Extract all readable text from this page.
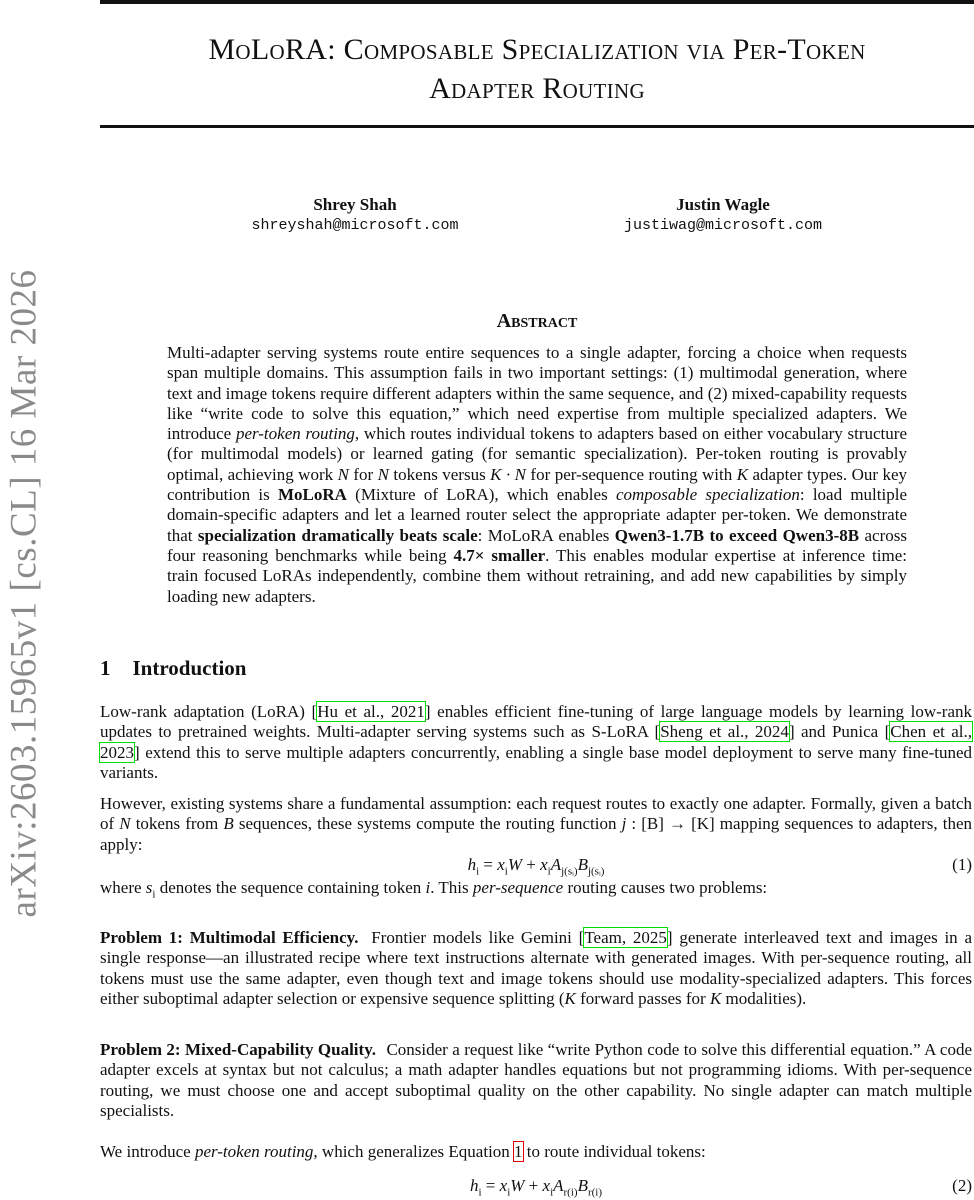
arXiv:2603.15965v1 [cs.CL] 16 Mar 2026
MoLoRA: Composable Specialization via Per-Token
Adapter Routing
Shrey Shah
shreyshah@microsoft.com
Justin Wagle
justiwag@microsoft.com
Abstract
Multi-adapter serving systems route entire sequences to a single adapter, forcing a choice when requests span multiple domains. This assumption fails in two important settings: (1) multimodal generation, where text and image tokens require different adapters within the same sequence, and (2) mixed-capability requests like “write code to solve this equation,” which need expertise from multiple specialized adapters. We introduce per-token routing, which routes individual tokens to adapters based on either vocabulary structure (for multimodal models) or learned gating (for semantic specialization). Per-token routing is provably optimal, achieving work N for N tokens versus K · N for per-sequence routing with K adapter types. Our key contribution is MoLoRA (Mixture of LoRA), which enables composable specialization: load multiple domain-specific adapters and let a learned router select the appropriate adapter per-token. We demonstrate that specialization dramatically beats scale: MoLoRA enables Qwen3-1.7B to exceed Qwen3-8B across four reasoning benchmarks while being 4.7× smaller. This enables modular expertise at inference time: train focused LoRAs independently, combine them without retraining, and add new capabilities by simply loading new adapters.
1 Introduction
Low-rank adaptation (LoRA) [Hu et al., 2021] enables efficient fine-tuning of large language models by learning low-rank updates to pretrained weights. Multi-adapter serving systems such as S-LoRA [Sheng et al., 2024] and Punica [Chen et al., 2023] extend this to serve multiple adapters concurrently, enabling a single base model deployment to serve many fine-tuned variants.
However, existing systems share a fundamental assumption: each request routes to exactly one adapter. Formally, given a batch of N tokens from B sequences, these systems compute the routing function j : [B] → [K] mapping sequences to adapters, then apply:
$h_i = x_iW + x_iA_{j(sᵢ)}B_{j(sᵢ)}$	(1)
where $s_i$ denotes the sequence containing token i. This per-sequence routing causes two problems:
Problem 1: Multimodal Efficiency. Frontier models like Gemini [Team, 2025] generate interleaved text and images in a single response—an illustrated recipe where text instructions alternate with generated images. With per-sequence routing, all tokens must use the same adapter, even though text and image tokens should use modality-specialized adapters. This forces either suboptimal adapter selection or expensive sequence splitting (K forward passes for K modalities).
Problem 2: Mixed-Capability Quality. Consider a request like “write Python code to solve this differential equation.” A code adapter excels at syntax but not calculus; a math adapter handles equations but not programming idioms. With per-sequence routing, we must choose one and accept suboptimal quality on the other capability. No single adapter can match multiple specialists.
We introduce per-token routing, which generalizes Equation 1 to route individual tokens:
$h_i = x_iW + x_iA_{r(i)}B_{r(i)}$	(2)
